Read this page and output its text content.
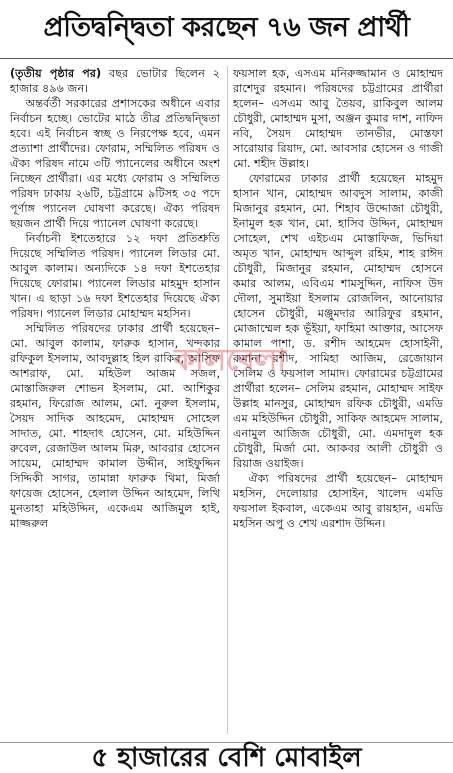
প্রতিদ্বন্দ্বিতা করছেন ৭৬ জন প্রার্থী

(তৃতীয় পৃষ্ঠার পর) বছর ভোটার ছিলেন ২ হাজার ৪৯৬ জন।

অন্তর্বর্তী সরকারের প্রশাসকের অধীনে এবার নির্বাচন হচ্ছে। ভোটের মাঠে তীব্র প্রতিদ্বন্দ্বিতা হবে। এই নির্বাচন স্বচ্ছ ও নিরপেক্ষ হবে, এমন প্রত্যাশা প্রার্থীদের। ফোরাম, সম্মিলিত পরিষদ ও ঐক্য পরিষদ নামে ৩টি প্যানেলের অধীনে অংশ নিচ্ছেন প্রার্থীরা। এর মধ্যে ফোরাম ও সম্মিলিত পরিষদ ঢাকায় ২৬টি, চট্টগ্রামে ৯টিসহ ৩৫ পদে পূর্ণাঙ্গ প্যানেল ঘোষণা করেছে। ঐক্য পরিষদ ছয়জন প্রার্থী দিয়ে প্যানেল ঘোষণা করেছে।

নির্বাচনী ইশতেহারে ১২ দফা প্রতিশ্রুতি দিয়েছে সম্মিলিত পরিষদ। প্যানেল লিডার মো. আবুল কালাম। অন্যদিকে ১৪ দফা ইশতেহার দিয়েছে ফোরাম। প্যানেল লিডার মাহমুদ হাসান খান। এ ছাড়া ১৬ দফা ইশতেহার দিয়েছে ঐক্য পরিষদ। প্যানেল লিডার মোহাম্মদ মহসিন।

সম্মিলিত পরিষদের ঢাকার প্রার্থী হয়েছেন– মো. আবুল কালাম, ফারুক হাসান, খন্দকার রফিকুল ইসলাম, আবদুল্লাহ হিল রাকিব, আসিফ আশরাফ, মো. মহিউল আজম সজল, মোস্তাজিরুল শোভন ইসলাম, মো. আশিকুর রহমান, ফিরোজ আলম, মো. নুরুল ইসলাম, সৈয়দ সাদিক আহমেদ, মোহাম্মদ সোহেল সাদাত, মো. শাহদাৎ হোসেন, মো. মহিউদ্দিন রুবেল, রেজাউল আলম মিরু, আবরার হোসেন সায়েম, মোহাম্মদ কামাল উদ্দীন, সাইফুদ্দিন সিদ্দিকী সাগর, তামান্না ফারুক থিমা, মির্জা ফায়েজ হোসেন, হেলাল উদ্দিন আহমেদ, লিথি মুনতাহা মহিউদ্দিন, একেএম আজিমুল হাই, মাজ্জরুল

ফয়সাল হক, এসএম মনিরুজ্জামান ও মোহাম্মদ রাশেদুর রহমান। পরিষদের চট্টগ্রামের প্রার্থীরা হলেন– এসএম আবু তৈয়ব, রাকিবুল আলম চৌধুরী, মোহাম্মদ মুসা, অঞ্জন কুমার দাশ, নাফিদ নবি, সৈয়দ মোহাম্মদ তানভীর, মোস্তফা সারোয়ার রিয়াদ, মো. আবসার হোসেন ও গাজী মো. শহীদ উল্লাহ।

ফোরামের ঢাকার প্রার্থী হয়েছেন মাহমুদ হাসান খান, মোহাম্মদ আবদুস সালাম, কাজী মিজানুর রহমান, মো. শিহাব উদ্দোজা চৌধুরী, ইনামুল হক খান, মো. হাসিব উদ্দিন, মোহাম্মদ সোহেল, শেখ এইচএম মোস্তাফিজ, ভিদিয়া অমৃত খান, মোহাম্মদ আব্দুল রহিম, শাহ রাঈদ চৌধুরী, মিজানুর রহমান, মোহাম্মদ হোসনে কমার আলম, এবিএম শামসুদ্দিন, নাফিস উদ দৌলা, সুমাইয়া ইসলাম রোজলিন, আনোয়ার হোসেন চৌধুরী, মঞ্জুমদার আরিফুর রহমান, মোজাম্মেল হক ভূঁইয়া, ফাহিমা আক্তার, আসেফ কামাল পাশা, ড. রশীদ আহমেদ হোসাইনী, রুমানা রশীদ, সামিহা আজিম, রেজোয়ান সেলিম ও ফয়সাল সামাদ। ফোরামের চট্টগ্রামের প্রার্থীরা হলেন– সেলিম রহমান, মোহাম্মদ সাইফ উল্লাহ মানসুর, মোহাম্মদ রফিক চৌধুরী, এমডি এম মহিউদ্দিন চৌধুরী, সাকিফ আহমেদ সালাম, এনামুল আজিজ চৌধুরী, মো. এমদাদুল হক চৌধুরী, মির্জা মো. আকবর আলী চৌধুরী ও রিয়াজ ওয়াইজ।

ঐক্য পরিষদের প্রার্থী হয়েছেন– মোহাম্মদ মহসিন, দেলোয়ার হোসাইন, খালেদ এমডি ফয়সাল ইকবাল, একেএম আবু রায়হান, এমডি মহসিন অপু ও শেখ এরশাদ উদ্দিন।

কালবেলা
৫ হাজারের বেশি মোবাইল
